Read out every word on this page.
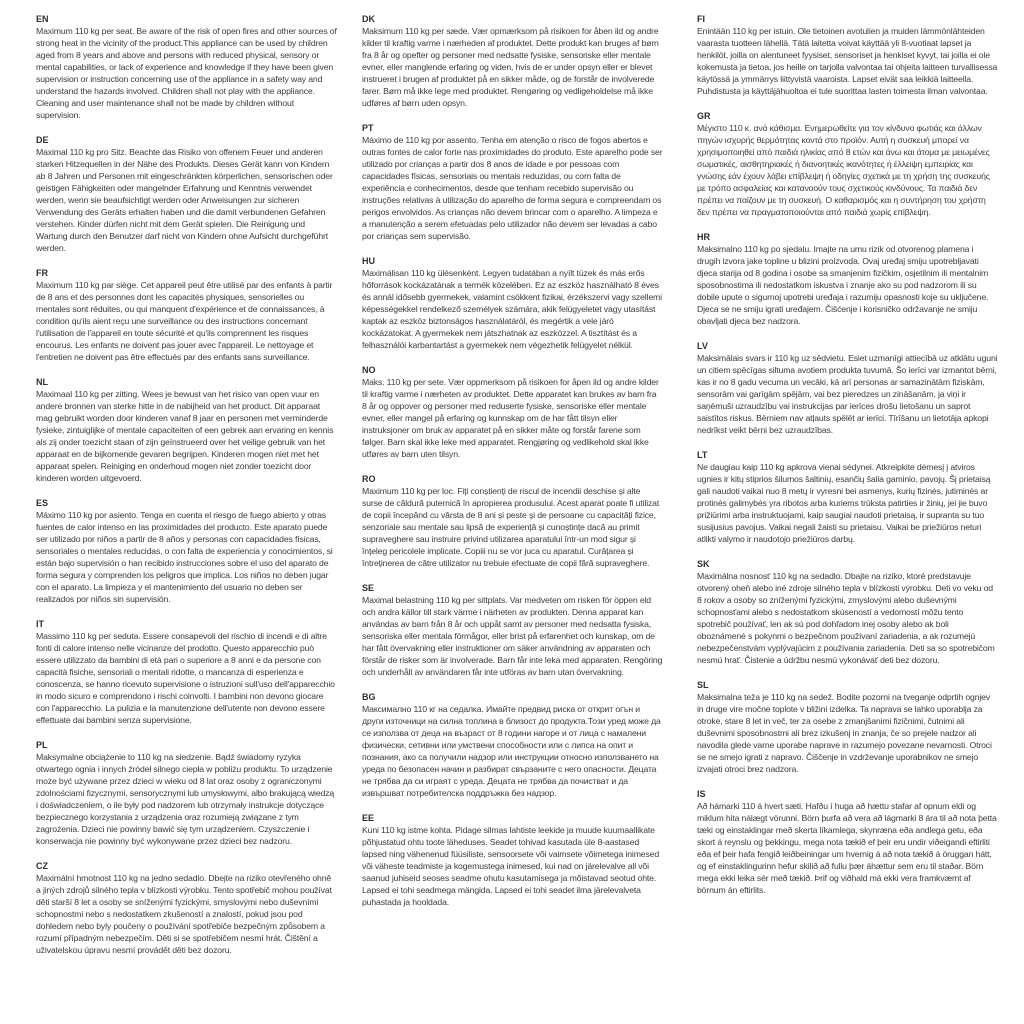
EN

Maximum 110 kg per seat. Be aware of the risk of open fires and other sources of strong heat in the vicinity of the product.This appliance can be used by children aged from 8 years and above and persons with reduced physical, sensory or mental capabilities, or lack of experience and knowledge if they have been given supervision or instruction concerning use of the appliance in a safety way and understand the hazards involved. Children shall not play with the appliance. Cleaning and user maintenance shall not be made by children without supervision.

DE

Maximal 110 kg pro Sitz. Beachte das Risiko von offenem Feuer und anderen starken Hitzequellen in der Nähe des Produkts. Dieses Gerät kann von Kindern ab 8 Jahren und Personen mit eingeschränkten körperlichen, sensorischen oder geistigen Fähigkeiten oder mangelnder Erfahrung und Kenntnis verwendet werden, wenn sie beaufsichtigt werden oder Anweisungen zur sicheren Verwendung des Geräts erhalten haben und die damit verbundenen Gefahren verstehen. Kinder dürfen nicht mit dem Gerät spielen. Die Reinigung und Wartung durch den Benutzer darf nicht von Kindern ohne Aufsicht durchgeführt werden.

FR

Maximum 110 kg par siège. Cet appareil peut être utilisé par des enfants à partir de 8 ans et des personnes dont les capacités physiques, sensorielles ou mentales sont réduites, ou qui manquent d'expérience et de connaissances, à condition qu'ils aient reçu une surveillance ou des instructions concernant l'utilisation de l'appareil en toute sécurité et qu'ils comprennent les risques encourus. Les enfants ne doivent pas jouer avec l'appareil. Le nettoyage et l'entretien ne doivent pas être effectués par des enfants sans surveillance.

NL

Maximaal 110 kg per zitting. Wees je bewust van het risico van open vuur en andere bronnen van sterke hitte in de nabijheid van het product. Dit apparaat mag gebruikt worden door kinderen vanaf 8 jaar en personen met verminderde fysieke, zintuiglijke of mentale capaciteiten of een gebrek aan ervaring en kennis als zij onder toezicht staan of zijn geïnstrueerd over het veilige gebruik van het apparaat en de bijkomende gevaren begrijpen. Kinderen mogen niet met het apparaat spelen. Reiniging en onderhoud mogen niet zonder toezicht door kinderen worden uitgevoerd.

ES

Máximo 110 kg por asiento. Tenga en cuenta el riesgo de fuego abierto y otras fuentes de calor intenso en las proximidades del producto. Este aparato puede ser utilizado por niños a partir de 8 años y personas con capacidades físicas, sensoriales o mentales reducidas, o con falta de experiencia y conocimientos, si están bajo supervisión o han recibido instrucciones sobre el uso del aparato de forma segura y comprenden los peligros que implica. Los niños no deben jugar con el aparato. La limpieza y el mantenimiento del usuario no deben ser realizados por niños sin supervisión.

IT

Massimo 110 kg per seduta. Essere consapevoli del rischio di incendi e di altre fonti di calore intenso nelle vicinanze del prodotto. Questo apparecchio può essere utilizzato da bambini di età pari o superiore a 8 anni e da persone con capacità fisiche, sensoriali o mentali ridotte, o mancanza di esperienza e conoscenza, se hanno ricevuto supervisione o istruzioni sull'uso dell'apparecchio in modo sicuro e comprendono i rischi coinvolti. I bambini non devono giocare con l'apparecchio. La pulizia e la manutenzione dell'utente non devono essere effettuate dai bambini senza supervisione.

PL

Maksymalne obciążenie to 110 kg na siedzenie. Bądź świadomy ryzyka otwartego ognia i innych źródeł silnego ciepła w pobliżu produktu. To urządzenie może być używane przez dzieci w wieku od 8 lat oraz osoby z ograniczonymi zdolnościami fizycznymi, sensorycznymi lub umysłowymi, albo brakującą wiedzą i doświadczeniem, o ile były pod nadzorem lub otrzymały instrukcje dotyczące bezpiecznego korzystania z urządzenia oraz rozumieją związane z tym zagrożenia. Dzieci nie powinny bawić się tym urządzeniem. Czyszczenie i konserwacja nie powinny być wykonywane przez dzieci bez nadzoru.

CZ

Maximální hmotnost 110 kg na jedno sedadlo. Dbejte na riziko otevřeného ohně a jiných zdrojů silného tepla v blízkosti výrobku. Tento spotřebič mohou používat děti starší 8 let a osoby se sníženými fyzickými, smyslovými nebo duševními schopnostmi nebo s nedostatkem zkušeností a znalostí, pokud jsou pod dohledem nebo byly poučeny o používání spotřebiče bezpečným způsobem a rozumí případným nebezpečím. Děti si se spotřebičem nesmí hrát. Čištění a uživatelskou úpravu nesmí provádět děti bez dozoru.

DK

Maksimum 110 kg per sæde. Vær opmærksom på risikoen for åben ild og andre kilder til kraftig varme i nærheden af produktet. Dette produkt kan bruges af børn fra 8 år og opefter og personer med nedsatte fysiske, sensoriske eller mentale evner, eller manglende erfaring og viden, hvis de er under opsyn eller er blevet instrueret i brugen af produktet på en sikker måde, og de forstår de involverede farer. Børn må ikke lege med produktet. Rengøring og vedligeholdelse må ikke udføres af børn uden opsyn.

PT

Máximo de 110 kg por assento. Tenha em atenção o risco de fogos abertos e outras fontes de calor forte nas proximidades do produto. Este aparelho pode ser utilizado por crianças a partir dos 8 anos de idade e por pessoas com capacidades físicas, sensoriais ou mentais reduzidas, ou com falta de experiência e conhecimentos, desde que tenham recebido supervisão ou instruções relativas à utilização do aparelho de forma segura e compreendam os perigos envolvidos. As crianças não devem brincar com o aparelho. A limpeza e a manutenção a serem efetuadas pelo utilizador não devem ser levadas a cabo por crianças sem supervisão.

HU

Maximálisan 110 kg ülésenként. Legyen tudatában a nyílt tüzek és más erős hőforrások kockázatának a termék közelében. Ez az eszköz használható 8 éves és annál idősebb gyermekek, valamint csökkent fizikai, érzékszervi vagy szellemi képességekkel rendelkező személyek számára, akik felügyeletet vagy utasítást kaptak az eszköz biztonságos használatáról, és megértik a vele járó kockázatokat. A gyermekek nem játszhatnak az eszközzel. A tisztítást és a felhasználói karbantartást a gyermekek nem végezhetik felügyelet nélkül.

NO

Maks. 110 kg per sete. Vær oppmerksom på risikoen for åpen ild og andre kilder til kraftig varme i nærheten av produktet. Dette apparatet kan brukes av barn fra 8 år og oppover og personer med reduserte fysiske, sensoriske eller mentale evner, eller mangel på erfaring og kunnskap om de har fått tilsyn eller instruksjoner om bruk av apparatet på en sikker måte og forstår farene som følger. Barn skal ikke leke med apparatet. Rengjøring og vedlikehold skal ikke utføres av barn uten tilsyn.

RO

Maximum 110 kg per loc. Fiți conștienți de riscul de incendii deschise și alte surse de căldură puternică în apropierea produsului. Acest aparat poate fi utilizat de copii începând cu vârsta de 8 ani și peste și de persoane cu capacități fizice, senzoriale sau mentale sau lipsă de experiență și cunoștințe dacă au primit supraveghere sau instruire privind utilizarea aparatului într-un mod sigur și înțeleg pericolele implicate. Copiii nu se vor juca cu aparatul. Curățarea și întreținerea de către utilizator nu trebuie efectuate de copii fără supraveghere.

SE

Maximal belastning 110 kg per sittplats. Var medveten om risken för öppen eld och andra källor till stark värme i närheten av produkten. Denna apparat kan användas av barn från 8 år och uppåt samt av personer med nedsatta fysiska, sensoriska eller mentala förmågor, eller brist på erfarenhet och kunskap, om de har fått övervakning eller instruktioner om säker användning av apparaten och förstår de risker som är involverade. Barn får inte leka med apparaten. Rengöring och underhåll av användaren får inte utföras av barn utan övervakning.

BG

Максимално 110 кг на седалка. Имайте предвид риска от открит огън и други източници на силна топлина в близост до продукта.Този уред може да се използва от деца на възраст от 8 години нагоре и от лица с намалени физически, сетивни или умствени способности или с липса на опит и познания, ако са получили надзор или инструкции относно използването на уреда по безопасен начин и разбират свързаните с него опасности. Децата не трябва да си играят с уреда. Децата не трябва да почистват и да извършват потребителска поддръжка без надзор.

EE

Kuni 110 kg istme kohta. Pidage silmas lahtiste leekide ja muude kuumaallikate põhjustatud ohtu toote läheduses. Seadet tohivad kasutada üle 8-aastased lapsed ning vähenenud füüsiliste, sensoorsete või vaimsete võimetega inimesed või väheste teadmiste ja kogemustega inimesed, kui nad on järelevalve all või saanud juhiseid seoses seadme ohutu kasutamisega ja mõistavad seotud ohte. Lapsed ei tohi seadmega mängida. Lapsed ei tohi seadet ilma järelevalveta puhastada ja hooldada.

FI

Enintään 110 kg per istuin. Ole tietoinen avotulien ja muiden lämmönlähteiden vaarasta tuotteen lähellä. Tätä laitetta voivat käyttää yli 8-vuotiaat lapset ja henkilöt, joilla on alentuneet fyysiset, sensoriset ja henkiset kyvyt, tai joilla ei ole kokemusta ja tietoa, jos heille on tarjolla valvontaa tai ohjeita laitteen turvallisessa käytössä ja ymmärrys liittyvistä vaaroista. Lapset eivät saa leikkiä laitteella. Puhdistusta ja käyttäjähuoltoa ei tule suorittaa lasten toimesta ilman valvontaa.

GR

Μέγιστο 110 κ. ανά κάθισμα. Ενημερωθείτε για τον κίνδυνο φωτιάς και άλλων πηγών ισχυρής θερμότητας κοντά στο προϊόν. Αυτή η συσκευή μπορεί να χρησιμοποιηθεί από παιδιά ηλικίας από 8 ετών και άνω και άτομα με μειωμένες σωματικές, αισθητηριακές ή διανοητικές ικανότητες ή έλλειψη εμπειρίας και γνώσης εάν έχουν λάβει επίβλεψη ή οδηγίες σχετικά με τη χρήση της συσκευής με τρόπο ασφαλείας και κατανοούν τους σχετικούς κινδύνους. Τα παιδιά δεν πρέπει να παίζουν με τη συσκευή. Ο καθαρισμός και η συντήρηση του χρήστη δεν πρέπει να πραγματοποιούνται από παιδιά χωρίς επίβλεψη.

HR

Maksimalno 110 kg po sjedalu. Imajte na umu rizik od otvorenog plamena i drugih izvora jake topline u blizini proizvoda. Ovaj uređaj smiju upotrebljavati djeca starija od 8 godina i osobe sa smanjenim fizičkim, osjetilnim ili mentalnim sposobnostima ili nedostatkom iskustva i znanje ako su pod nadzorom ili su dobile upute o sigurnoj upotrebi uređaja i razumiju opasnosti koje su uključene. Djeca se ne smiju igrati uređajem. Čišćenje i korisničko održavanje ne smiju obavljati djeca bez nadzora.

LV

Maksimālais svars ir 110 kg uz sēdvietu. Esiet uzmanīgi attiecībā uz atklātu uguni un citiem spēcīgas siltuma avotiem produkta tuvumā. Šo ierīci var izmantot bērni, kas ir no 8 gadu vecuma un vecāki, kā arī personas ar samazinātām fiziskām, sensorām vai garīgām spējām, vai bez pieredzes un zināšanām, ja viņi ir saņēmuši uzraudzību vai instrukcijas par ierīces drošu lietošanu un saprot saistītos riskus. Bērniem nav atļauts spēlēt ar ierīci. Tīrīšanu un lietotāja apkopi nedrīkst veikt bērni bez uzraudzības.

LT

Ne daugiau kaip 110 kg apkrova vienai sėdynei. Atkreipkite dėmesį į atviros ugnies ir kitų stiprios šilumos šaltinių, esančių šalia gaminio, pavojų. Šį prietaisą gali naudoti vaikai nuo 8 metų ir vyresni bei asmenys, kurių fizinės, jutiminės ar protinės galimybės yra ribotos arba kuriems trūksta patirties ir žinių, jei jie buvo prižiūrimi arba instruktuojami, kaip saugiai naudoti prietaisą, ir supranta su tuo susijusius pavojus. Vaikai negali žaisti su prietaisu. Vaikai be priežiūros neturi atlikti valymo ir naudotojo priežiūros darbų.

SK

Maximálna nosnosť 110 kg na sedadlo. Dbajte na riziko, ktoré predstavuje otvorený oheň alebo iné zdroje silného tepla v blízkosti výrobku. Deti vo veku od 8 rokov a osoby so zníženými fyzickými, zmyslovými alebo duševnými schopnosťami alebo s nedostatkom skúseností a vedomostí môžu tento spotrebič používať, len ak sú pod dohľadom inej osoby alebo ak boli oboznámené s pokynmi o bezpečnom používaní zariadenia, a ak rozumejú nebezpečenstvám vyplývajúcim z používania zariadenia. Deti sa so spotrebičom nesmú hrať. Čistenie a údržbu nesmú vykonávať deti bez dozoru.

SL

Maksimalna teža je 110 kg na sedež. Bodite pozorni na tveganje odprtih ognjev in druge vire močne toplote v bližini izdelka. Ta naprava se lahko uporablja za otroke, stare 8 let in več, ter za osebe z zmanjšanimi fizičnimi, čutnimi ali duševnimi sposobnostmi ali brez izkušenj in znanja, če so prejele nadzor ali navodila glede varne uporabe naprave in razumejo povezane nevarnosti. Otroci se ne smejo igrati z napravo. Čiščenje in vzdrževanje uporabnikov ne smejo izvajati otroci brez nadzora.

IS

Að hámarki 110 á hvert sæti. Hafðu í huga að hættu stafar af opnum eldi og miklum hita nálægt vörunni. Börn þurfa að vera að lágmarki 8 ára til að nota þetta tæki og einstaklingar með skerta líkamlega, skynræna eða andlega getu, eða skort á reynslu og þekkingu, mega nota tækið ef þeir eru undir viðeigandi eftirliti eða ef þeir hafa fengið leiðbeiningar um hvernig á að nota tækið á öruggan hátt, og ef einstaklingurinn hefur skilið að fullu þær áhættur sem eru til staðar. Börn mega ekki leika sér með tækið. Þrif og viðhald má ekki vera framkvæmt af börnum án eftirlits.
